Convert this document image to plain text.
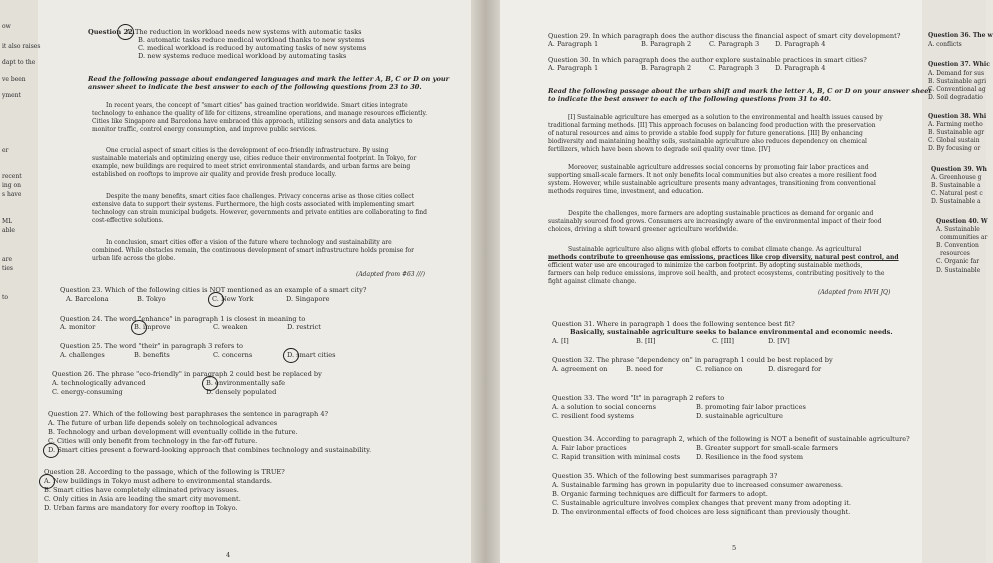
ow
it also raises
dapt to the
ve been
yment
er
recent
ing on
s have
ML
able
are
ties
to
Question 22.
A. The reduction in workload needs new systems with automatic tasks
B. automatic tasks reduce medical workload thanks to new systems
C. medical workload is reduced by automating tasks of new systems
D. new systems reduce medical workload by automating tasks
Read the following passage about endangered languages and mark the letter A, B, C or D on your
answer sheet to indicate the best answer to each of the following questions from 23 to 30.
In recent years, the concept of "smart cities" has gained traction worldwide. Smart cities integrate
technology to enhance the quality of life for citizens, streamline operations, and manage resources efficiently.
Cities like Singapore and Barcelona have embraced this approach, utilizing sensors and data analytics to
monitor traffic, control energy consumption, and improve public services.
One crucial aspect of smart cities is the development of eco-friendly infrastructure. By using
sustainable materials and optimizing energy use, cities reduce their environmental footprint. In Tokyo, for
example, new buildings are required to meet strict environmental standards, and urban farms are being
established on rooftops to improve air quality and provide fresh produce locally.
Despite the many benefits, smart cities face challenges. Privacy concerns arise as those cities collect
extensive data to support their systems. Furthermore, the high costs associated with implementing smart
technology can strain municipal budgets. However, governments and private entities are collaborating to find
cost-effective solutions.
In conclusion, smart cities offer a vision of the future where technology and sustainability are
combined. While obstacles remain, the continuous development of smart infrastructure holds promise for
urban life across the globe.
(Adapted from #63 ///)
Question 23. Which of the following cities is NOT mentioned as an example of a smart city?
A. Barcelona	B. Tokyo	C. New York	D. Singapore
Question 24. The word "enhance" in paragraph 1 is closest in meaning to
A. monitor	B. improve	C. weaken	D. restrict
Question 25. The word "their" in paragraph 3 refers to
A. challenges	B. benefits	C. concerns	D. smart cities
Question 26. The phrase "eco-friendly" in paragraph 2 could best be replaced by
A. technologically advanced	B. environmentally safe
C. energy-consuming	D. densely populated
Question 27. Which of the following best paraphrases the sentence in paragraph 4?
A. The future of urban life depends solely on technological advances
B. Technology and urban development will eventually collide in the future.
C. Cities will only benefit from technology in the far-off future.
D. Smart cities present a forward-looking approach that combines technology and sustainability.
Question 28. According to the passage, which of the following is TRUE?
A. New buildings in Tokyo must adhere to environmental standards.
B. Smart cities have completely eliminated privacy issues.
C. Only cities in Asia are leading the smart city movement.
D. Urban farms are mandatory for every rooftop in Tokyo.
4
Question 29. In which paragraph does the author discuss the financial aspect of smart city development?
A. Paragraph 1	B. Paragraph 2	C. Paragraph 3 D. Paragraph 4
Question 30. In which paragraph does the author explore sustainable practices in smart cities?
A. Paragraph 1	B. Paragraph 2	C. Paragraph 3 D. Paragraph 4
Read the following passage about the urban shift and mark the letter A, B, C or D on your answer sheet
to indicate the best answer to each of the following questions from 31 to 40.
[I] Sustainable agriculture has emerged as a solution to the environmental and health issues caused by
traditional farming methods. [II] This approach focuses on balancing food production with the preservation
of natural resources and aims to provide a stable food supply for future generations. [III] By enhancing
biodiversity and maintaining healthy soils, sustainable agriculture also reduces dependency on chemical
fertilizers, which have been shown to degrade soil quality over time. [IV]
Moreover, sustainable agriculture addresses social concerns by promoting fair labor practices and
supporting small-scale farmers. It not only benefits local communities but also creates a more resilient food
system. However, while sustainable agriculture presents many advantages, transitioning from conventional
methods requires time, investment, and education.
Despite the challenges, more farmers are adopting sustainable practices as demand for organic and
sustainably sourced food grows. Consumers are increasingly aware of the environmental impact of their food
choices, driving a shift toward greener agriculture worldwide.
Sustainable agriculture also aligns with global efforts to combat climate change. As agricultural
methods contribute to greenhouse gas emissions, practices like crop diversity, natural pest control, and
efficient water use are encouraged to minimize the carbon footprint. By adopting sustainable methods,
farmers can help reduce emissions, improve soil health, and protect ecosystems, contributing positively to the
fight against climate change.
(Adapted from HVH JQ)
Question 31. Where in paragraph 1 does the following sentence best fit?
Basically, sustainable agriculture seeks to balance environmental and economic needs.
A. [I]	B. [II]	C. [III]	D. [IV]
Question 32. The phrase "dependency on" in paragraph 1 could be best replaced by
A. agreement on	B. need for	C. reliance on	D. disregard for
Question 33. The word "It" in paragraph 2 refers to
A. a solution to social concerns	B. promoting fair labor practices
C. resilient food systems	D. sustainable agriculture
Question 34. According to paragraph 2, which of the following is NOT a benefit of sustainable agriculture?
A. Fair labor practices	B. Greater support for small-scale farmers
C. Rapid transition with minimal costs D. Resilience in the food system
Question 35. Which of the following best summarises paragraph 3?
A. Sustainable farming has grown in popularity due to increased consumer awareness.
B. Organic farming techniques are difficult for farmers to adopt.
C. Sustainable agriculture involves complex changes that prevent many from adopting it.
D. The environmental effects of food choices are less significant than previously thought.
5
Question 36. The w
A. conflicts
Question 37. Whic
A. Demand for sus
B. Sustainable agri
C. Conventional ag
D. Soil degradatio
Question 38. Whi
A. Farming metho
B. Sustainable agr
C. Global sustain
D. By focusing or
Question 39. Wh
A. Greenhouse g
B. Sustainable a
C. Natural pest c
D. Sustainable a
Question 40. W
A. Sustainable
communities ar
B. Convention
resources
C. Organic far
D. Sustainable
